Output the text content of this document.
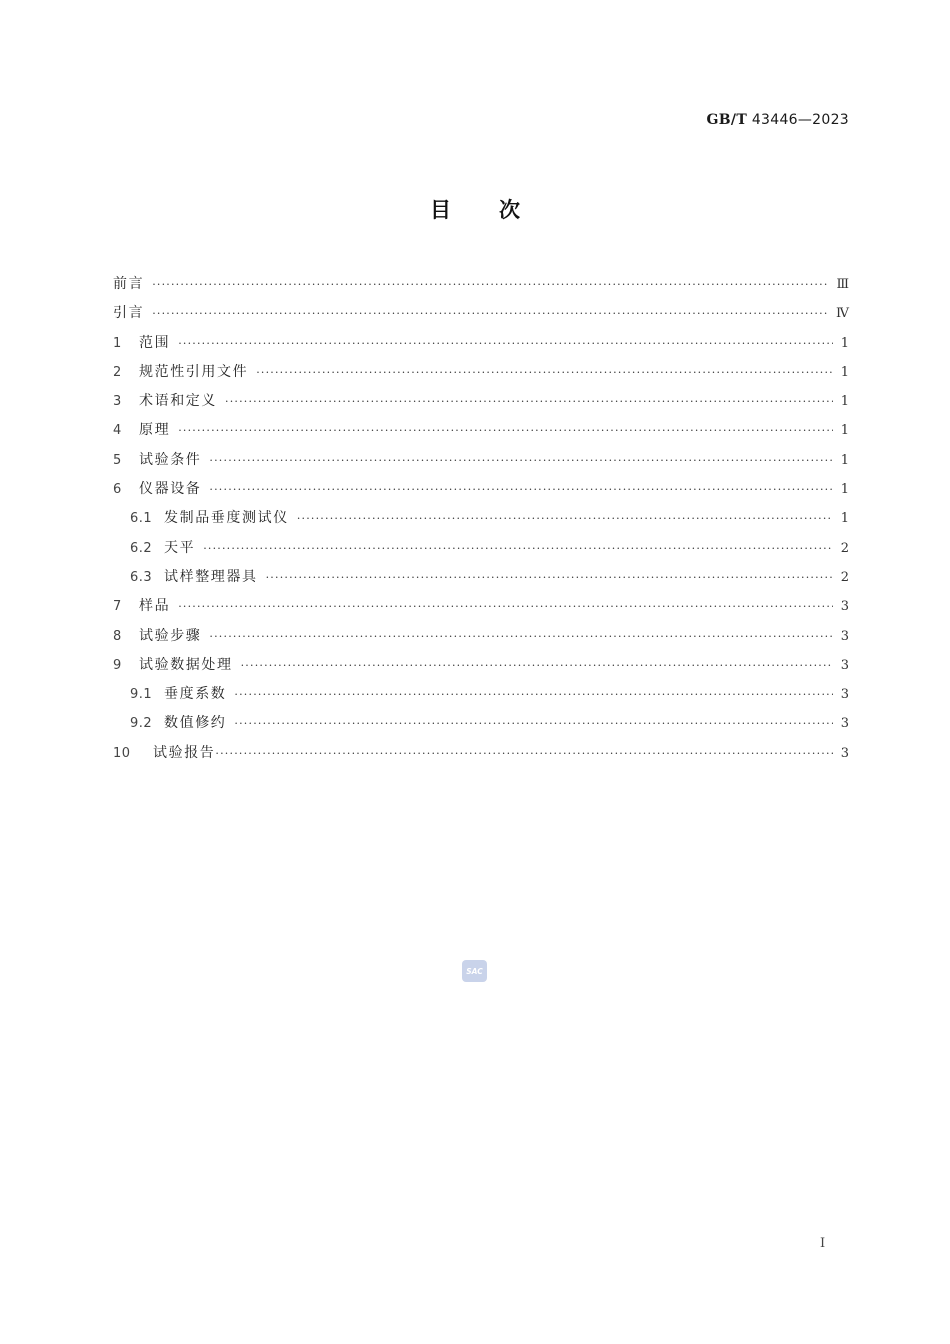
GB/T 43446—2023
目次
前言 ·····	Ⅲ
引言 ·····	Ⅳ
1	范围 ·····	1
2	规范性引用文件 ·····	1
3	术语和定义 ·····	1
4	原理 ·····	1
5	试验条件 ·····	1
6	仪器设备 ·····	1
6.1 发制品垂度测试仪 ·····	1
6.2 天平 ·····	2
6.3 试样整理器具 ·····	2
7	样品 ·····	3
8	试验步骤 ·····	3
9	试验数据处理 ·····	3
9.1 垂度系数 ·····	3
9.2 数值修约 ·····	3
10	试验报告 ·····	3
SAC
I
